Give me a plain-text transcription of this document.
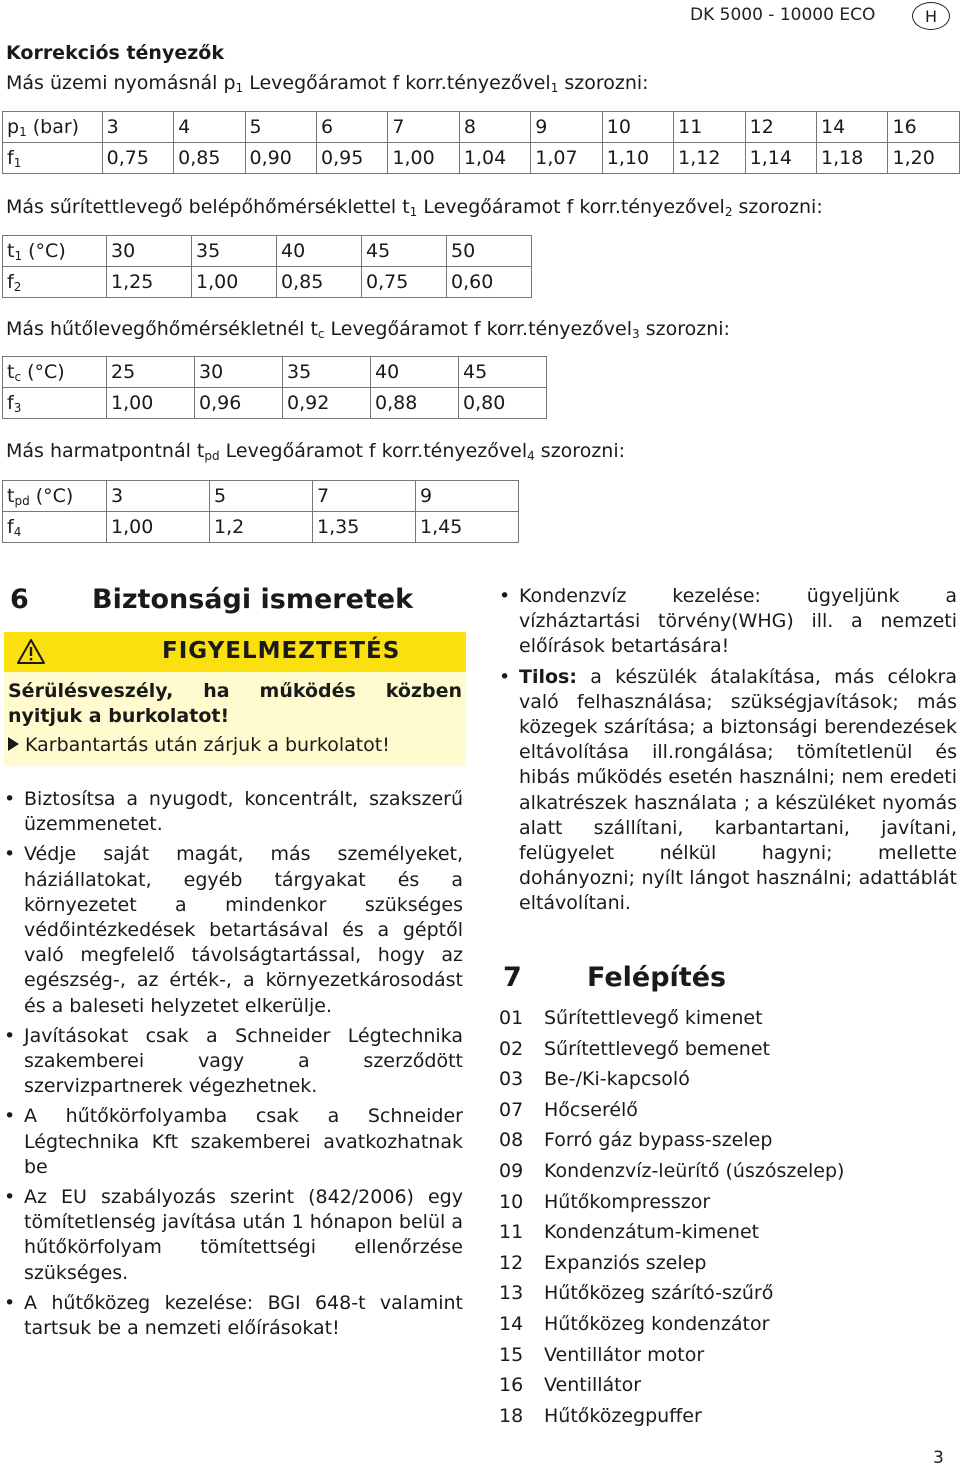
DK 5000 - 10000 ECO	H
Korrekciós tényezők
Más üzemi nyomásnál $p_1$ Levegőáramot f korr.tényezővel$_1$ szorozni:
$p_1$ (bar)	3	4	5	6	7	8	9	10	11	12	14	16
$f_1$	0,75	0,85	0,90	0,95	1,00	1,04	1,07	1,10	1,12	1,14	1,18	1,20
Más sűrítettlevegő belépőhőmérséklettel $t_1$ Levegőáramot f korr.tényezővel$_2$ szorozni:
$t_1$ (°C)	30	35	40	45	50
$f_2$	1,25	1,00	0,85	0,75	0,60
Más hűtőlevegőhőmérsékletnél $t_c$ Levegőáramot f korr.tényezővel$_3$ szorozni:
$t_c$ (°C)	25	30	35	40	45
$f_3$	1,00	0,96	0,92	0,88	0,80
Más harmatpontnál $t_{pd}$ Levegőáramot f korr.tényezővel$_4$ szorozni:
$t_{pd}$ (°C)	3	5	7	9
$f_4$	1,00	1,2	1,35	1,45
6 Biztonsági ismeretek
FIGYELMEZTETÉS
Sérülésveszély, ha működés közben nyitjuk a burkolatot!
Karbantartás után zárjuk a burkolatot!
• Biztosítsa a nyugodt, koncentrált, szakszerű üzemmenetet.
• Védje saját magát, más személyeket, háziállatokat, egyéb tárgyakat és a környezetet a mindenkor szükséges védőintézkedések betartásával és a géptől való megfelelő távolságtartással, hogy az egészség-, az érték-, a környezetkárosodást és a baleseti helyzetet elkerülje.
• Javításokat csak a Schneider Légtechnika szakemberei vagy a szerződött szervizpartnerek végezhetnek.
• A hűtőkörfolyamba csak a Schneider Légtechnika Kft szakemberei avatkozhatnak be
• Az EU szabályozás szerint (842/2006) egy tömítetlenség javítása után 1 hónapon belül a hűtőkörfolyam tömítettségi ellenőrzése szükséges.
• A hűtőközeg kezelése: BGI 648-t valamint tartsuk be a nemzeti előírásokat!
• Kondenzvíz kezelése: ügyeljünk a vízháztartási törvény(WHG) ill. a nemzeti előírások betartására!
• Tilos: a készülék átalakítása, más célokra való felhasználása; szükségjavítások; más közegek szárítása; a biztonsági berendezések eltávolítása ill.rongálása; tömítetlenül és hibás működés esetén használni; nem eredeti alkatrészek használata ; a készüléket nyomás alatt szállítani, karbantartani, javítani, felügyelet nélkül hagyni; mellette dohányozni; nyílt lángot használni; adattáblát eltávolítani.
7 Felépítés
01 Sűrítettlevegő kimenet
02 Sűrítettlevegő bemenet
03 Be-/Ki-kapcsoló
07 Hőcserélő
08 Forró gáz bypass-szelep
09 Kondenzvíz-leürítő (úszószelep)
10 Hűtőkompresszor
11 Kondenzátum-kimenet
12 Expanziós szelep
13 Hűtőközeg szárító-szűrő
14 Hűtőközeg kondenzátor
15 Ventillátor motor
16 Ventillátor
18 Hűtőközegpuffer
3
